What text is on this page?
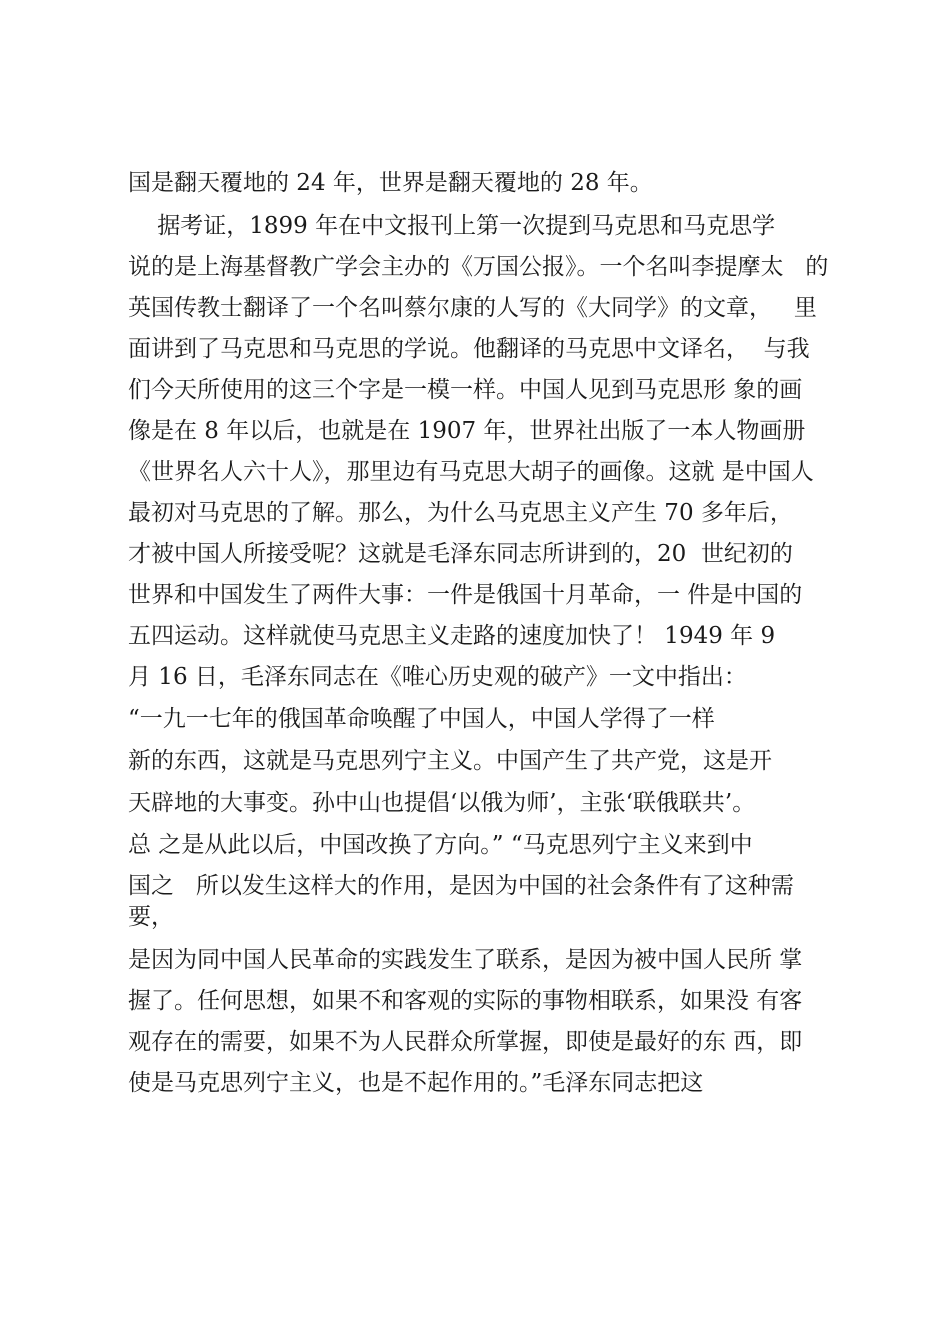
国是翻天覆地的 24 年，世界是翻天覆地的 28 年。
据考证，1899 年在中文报刊上第一次提到马克思和马克思学
说的是上海基督教广学会主办的《万国公报》。一个名叫李提摩太   的
英国传教士翻译了一个名叫蔡尔康的人写的《大同学》的文章，   里
面讲到了马克思和马克思的学说。他翻译的马克思中文译名，  与我
们今天所使用的这三个字是一模一样。中国人见到马克思形 象的画
像是在 8 年以后，也就是在 1907 年，世界社出版了一本人物画册
《世界名人六十人》，那里边有马克思大胡子的画像。这就 是中国人
最初对马克思的了解。那么，为什么马克思主义产生 70 多年后，
才被中国人所接受呢？这就是毛泽东同志所讲到的，20  世纪初的
世界和中国发生了两件大事：一件是俄国十月革命，一 件是中国的
五四运动。这样就使马克思主义走路的速度加快了！ 1949 年 9
月 16 日，毛泽东同志在《唯心历史观的破产》一文中指出：
“一九一七年的俄国革命唤醒了中国人，中国人学得了一样
新的东西，这就是马克思列宁主义。中国产生了共产党，这是开
天辟地的大事变。孙中山也提倡‘以俄为师’，主张‘联俄联共’。
总 之是从此以后，中国改换了方向。” “马克思列宁主义来到中
国之   所以发生这样大的作用，是因为中国的社会条件有了这种需
要，
是因为同中国人民革命的实践发生了联系，是因为被中国人民所 掌
握了。任何思想，如果不和客观的实际的事物相联系，如果没 有客
观存在的需要，如果不为人民群众所掌握，即使是最好的东 西，即
使是马克思列宁主义，也是不起作用的。”毛泽东同志把这
